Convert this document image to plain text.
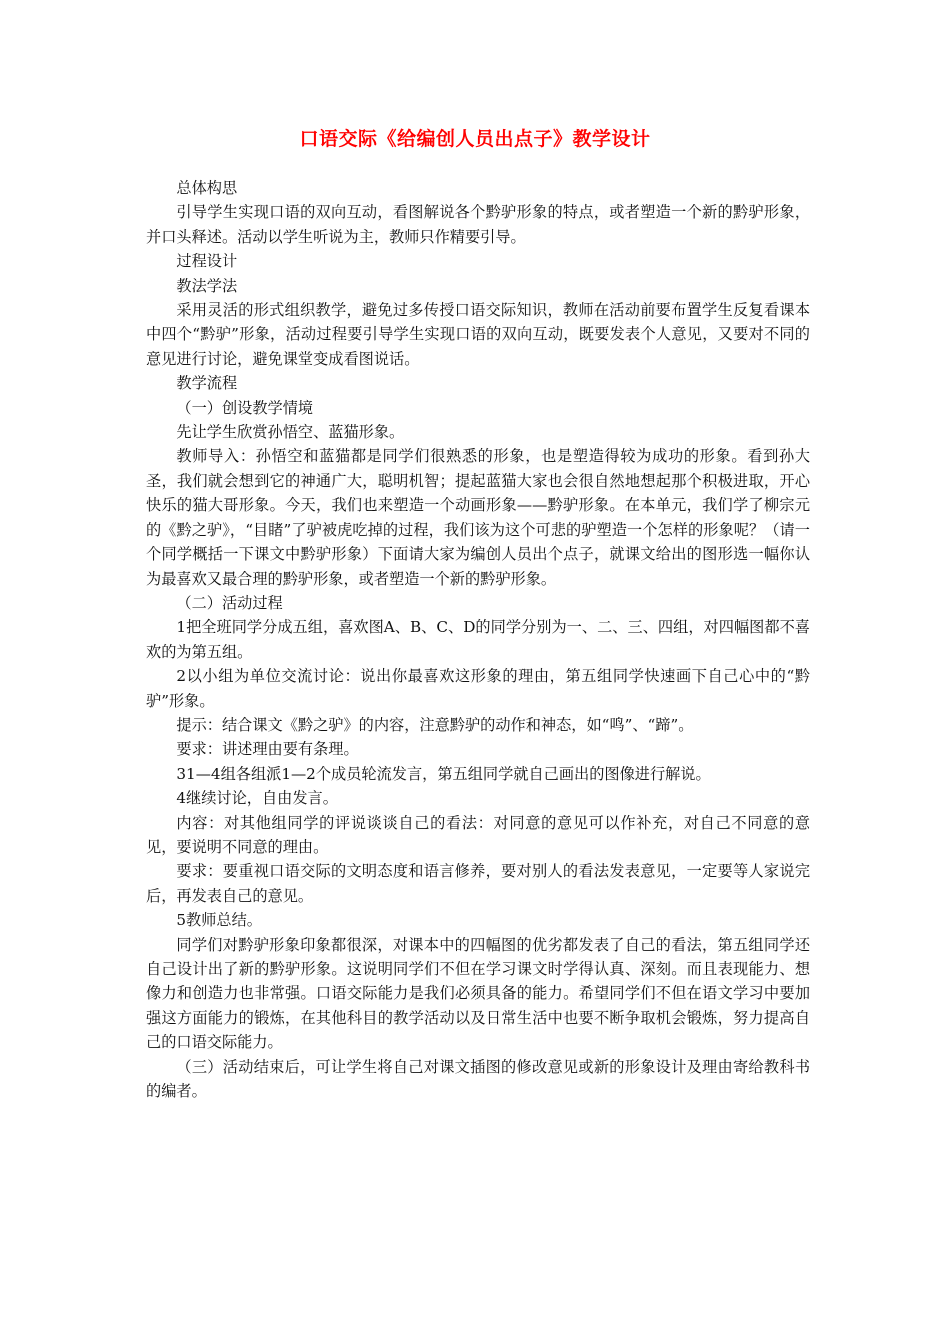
口语交际《给编创人员出点子》教学设计

总体构思

引导学生实现口语的双向互动，看图解说各个黔驴形象的特点，或者塑造一个新的黔驴形象，并口头释述。活动以学生听说为主，教师只作精要引导。

过程设计

教法学法

采用灵活的形式组织教学，避免过多传授口语交际知识，教师在活动前要布置学生反复看课本中四个“黔驴”形象，活动过程要引导学生实现口语的双向互动，既要发表个人意见，又要对不同的意见进行讨论，避免课堂变成看图说话。

教学流程

（一）创设教学情境

先让学生欣赏孙悟空、蓝猫形象。

教师导入：孙悟空和蓝猫都是同学们很熟悉的形象，也是塑造得较为成功的形象。看到孙大圣，我们就会想到它的神通广大，聪明机智；提起蓝猫大家也会很自然地想起那个积极进取，开心快乐的猫大哥形象。今天，我们也来塑造一个动画形象——黔驴形象。在本单元，我们学了柳宗元的《黔之驴》，“目睹”了驴被虎吃掉的过程，我们该为这个可悲的驴塑造一个怎样的形象呢？（请一个同学概括一下课文中黔驴形象）下面请大家为编创人员出个点子，就课文给出的图形选一幅你认为最喜欢又最合理的黔驴形象，或者塑造一个新的黔驴形象。

（二）活动过程

1把全班同学分成五组，喜欢图A、B、C、D的同学分别为一、二、三、四组，对四幅图都不喜欢的为第五组。

2以小组为单位交流讨论：说出你最喜欢这形象的理由，第五组同学快速画下自己心中的“黔驴”形象。

提示：结合课文《黔之驴》的内容，注意黔驴的动作和神态，如“鸣”、“蹄”。

要求：讲述理由要有条理。

31—4组各组派1—2个成员轮流发言，第五组同学就自己画出的图像进行解说。

4继续讨论，自由发言。

内容：对其他组同学的评说谈谈自己的看法：对同意的意见可以作补充，对自己不同意的意见，要说明不同意的理由。

要求：要重视口语交际的文明态度和语言修养，要对别人的看法发表意见，一定要等人家说完后，再发表自己的意见。

5教师总结。

同学们对黔驴形象印象都很深，对课本中的四幅图的优劣都发表了自己的看法，第五组同学还自己设计出了新的黔驴形象。这说明同学们不但在学习课文时学得认真、深刻。而且表现能力、想像力和创造力也非常强。口语交际能力是我们必须具备的能力。希望同学们不但在语文学习中要加强这方面能力的锻炼，在其他科目的教学活动以及日常生活中也要不断争取机会锻炼，努力提高自己的口语交际能力。

（三）活动结束后，可让学生将自己对课文插图的修改意见或新的形象设计及理由寄给教科书的编者。
